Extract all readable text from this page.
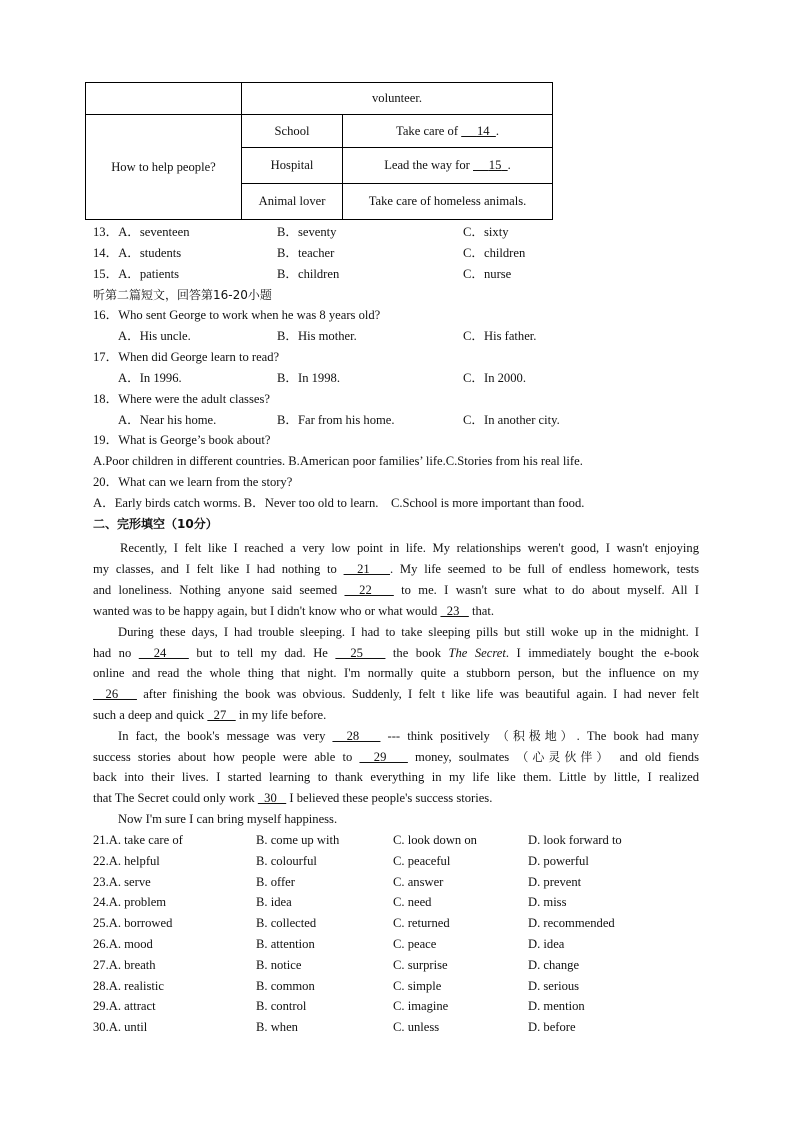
	volunteer.	
How to help people?	School	Take care of      14 .
	Hospital	Lead the way for      15 .
	Animal lover	Take care of homeless animals.
13．A．seventeen	B．seventy	C．sixty
14．A．students	B．teacher	C．children
15．A．patients	B．children	C．nurse
听第二篇短文，回答第16-20小题
16．Who sent George to work when he was 8 years old?
A．His uncle.	B．His mother.	C．His father.
17．When did George learn to read?
A．In 1996.	B．In 1998.	C．In 2000.
18．Where were the adult classes?
A．Near his home.	B．Far from his home.	C．In another city.
19．What is George’s book about?
A.Poor children in different countries. B.American poor families’ life.C.Stories from his real life.
20．What can we learn from the story?
A．Early birds catch worms. B．Never too old to learn.    C.School is more important than food.
二、完形填空（10分）
Recently, I felt like I reached a very low point in life. My relationships weren't good, I wasn't enjoying
my classes, and I felt like I had nothing to   21   . My life seemed to be full of endless homework, tests
and loneliness. Nothing anyone said seemed   22    to me. I wasn't sure what to do about myself. All I
wanted was to be happy again, but I didn't know who or what would   23    that.
During these days, I had trouble sleeping. I had to take sleeping pills but still woke up in the midnight. I
had no   24    but to tell my dad. He   25    the book The Secret. I immediately bought the e-book
online and read the whole thing that night. I'm normally quite a stubborn person, but the influence on my
26    after finishing the book was obvious. Suddenly, I felt t like life was beautiful again. I had never felt
such a deep and quick   27    in my life before.
In fact, the book's message was very   28    --- think positively （积极地）. The book had many
success stories about how people were able to   29    money, soulmates （心灵伙伴） and old fiends
back into their lives. I started learning to thank everything in my life like them. Little by little, I realized
that The Secret could only work   30    I believed these people's success stories.
Now I'm sure I can bring myself happiness.
21.A. take care of	B. come up with	C. look down on	D. look forward to
22.A. helpful	B. colourful	C. peaceful	D. powerful
23.A. serve	B. offer	C. answer	D. prevent
24.A. problem	B. idea	C. need	D. miss
25.A. borrowed	B. collected	C. returned	D. recommended
26.A. mood	B. attention	C. peace	D. idea
27.A. breath	B. notice	C. surprise	D. change
28.A. realistic	B. common	C. simple	D. serious
29.A. attract	B. control	C. imagine	D. mention
30.A. until	B. when	C. unless	D. before
